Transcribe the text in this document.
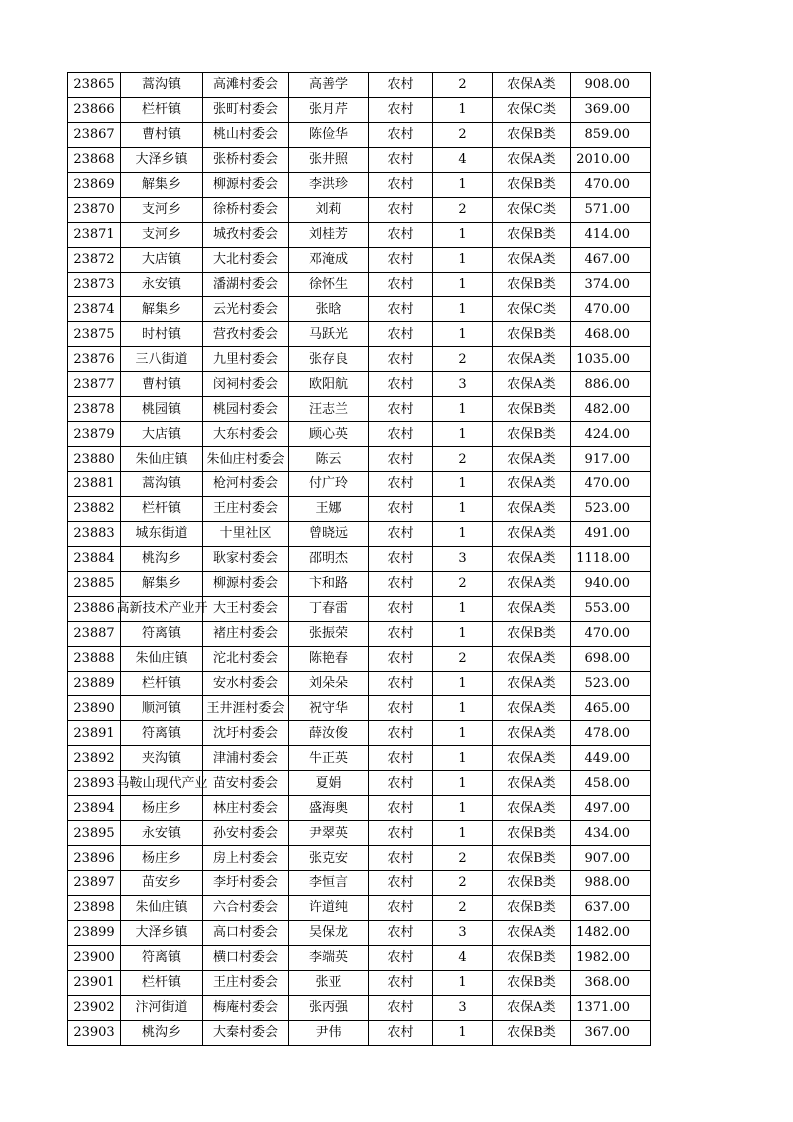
23865	蒿沟镇	高滩村委会	高善学	农村	2	农保A类	908.00
23866	栏杆镇	张町村委会	张月芹	农村	1	农保C类	369.00
23867	曹村镇	桃山村委会	陈俭华	农村	2	农保B类	859.00
23868	大泽乡镇	张桥村委会	张井照	农村	4	农保A类	2010.00
23869	解集乡	柳源村委会	李洪珍	农村	1	农保B类	470.00
23870	支河乡	徐桥村委会	刘莉	农村	2	农保C类	571.00
23871	支河乡	城孜村委会	刘桂芳	农村	1	农保B类	414.00
23872	大店镇	大北村委会	邓淹成	农村	1	农保A类	467.00
23873	永安镇	潘湖村委会	徐怀生	农村	1	农保B类	374.00
23874	解集乡	云光村委会	张晗	农村	1	农保C类	470.00
23875	时村镇	营孜村委会	马跃光	农村	1	农保B类	468.00
23876	三八街道	九里村委会	张存良	农村	2	农保A类	1035.00
23877	曹村镇	闵祠村委会	欧阳航	农村	3	农保A类	886.00
23878	桃园镇	桃园村委会	汪志兰	农村	1	农保B类	482.00
23879	大店镇	大东村委会	顾心英	农村	1	农保B类	424.00
23880	朱仙庄镇	朱仙庄村委会	陈云	农村	2	农保A类	917.00
23881	蒿沟镇	枪河村委会	付广玲	农村	1	农保A类	470.00
23882	栏杆镇	王庄村委会	王娜	农村	1	农保A类	523.00
23883	城东街道	十里社区	曾晓远	农村	1	农保A类	491.00
23884	桃沟乡	耿家村委会	邵明杰	农村	3	农保A类	1118.00
23885	解集乡	柳源村委会	卞和路	农村	2	农保A类	940.00
23886	高新技术产业开	大王村委会	丁春雷	农村	1	农保A类	553.00
23887	符离镇	褚庄村委会	张振荣	农村	1	农保B类	470.00
23888	朱仙庄镇	沱北村委会	陈艳春	农村	2	农保A类	698.00
23889	栏杆镇	安水村委会	刘朵朵	农村	1	农保A类	523.00
23890	顺河镇	王井涯村委会	祝守华	农村	1	农保A类	465.00
23891	符离镇	沈圩村委会	薛汝俊	农村	1	农保A类	478.00
23892	夹沟镇	津浦村委会	牛正英	农村	1	农保A类	449.00
23893	马鞍山现代产业	苗安村委会	夏娟	农村	1	农保A类	458.00
23894	杨庄乡	林庄村委会	盛海奥	农村	1	农保A类	497.00
23895	永安镇	孙安村委会	尹翠英	农村	1	农保B类	434.00
23896	杨庄乡	房上村委会	张克安	农村	2	农保B类	907.00
23897	苗安乡	李圩村委会	李恒言	农村	2	农保B类	988.00
23898	朱仙庄镇	六合村委会	许道纯	农村	2	农保B类	637.00
23899	大泽乡镇	高口村委会	吴保龙	农村	3	农保A类	1482.00
23900	符离镇	横口村委会	李端英	农村	4	农保B类	1982.00
23901	栏杆镇	王庄村委会	张亚	农村	1	农保B类	368.00
23902	汴河街道	梅庵村委会	张丙强	农村	3	农保A类	1371.00
23903	桃沟乡	大秦村委会	尹伟	农村	1	农保B类	367.00
